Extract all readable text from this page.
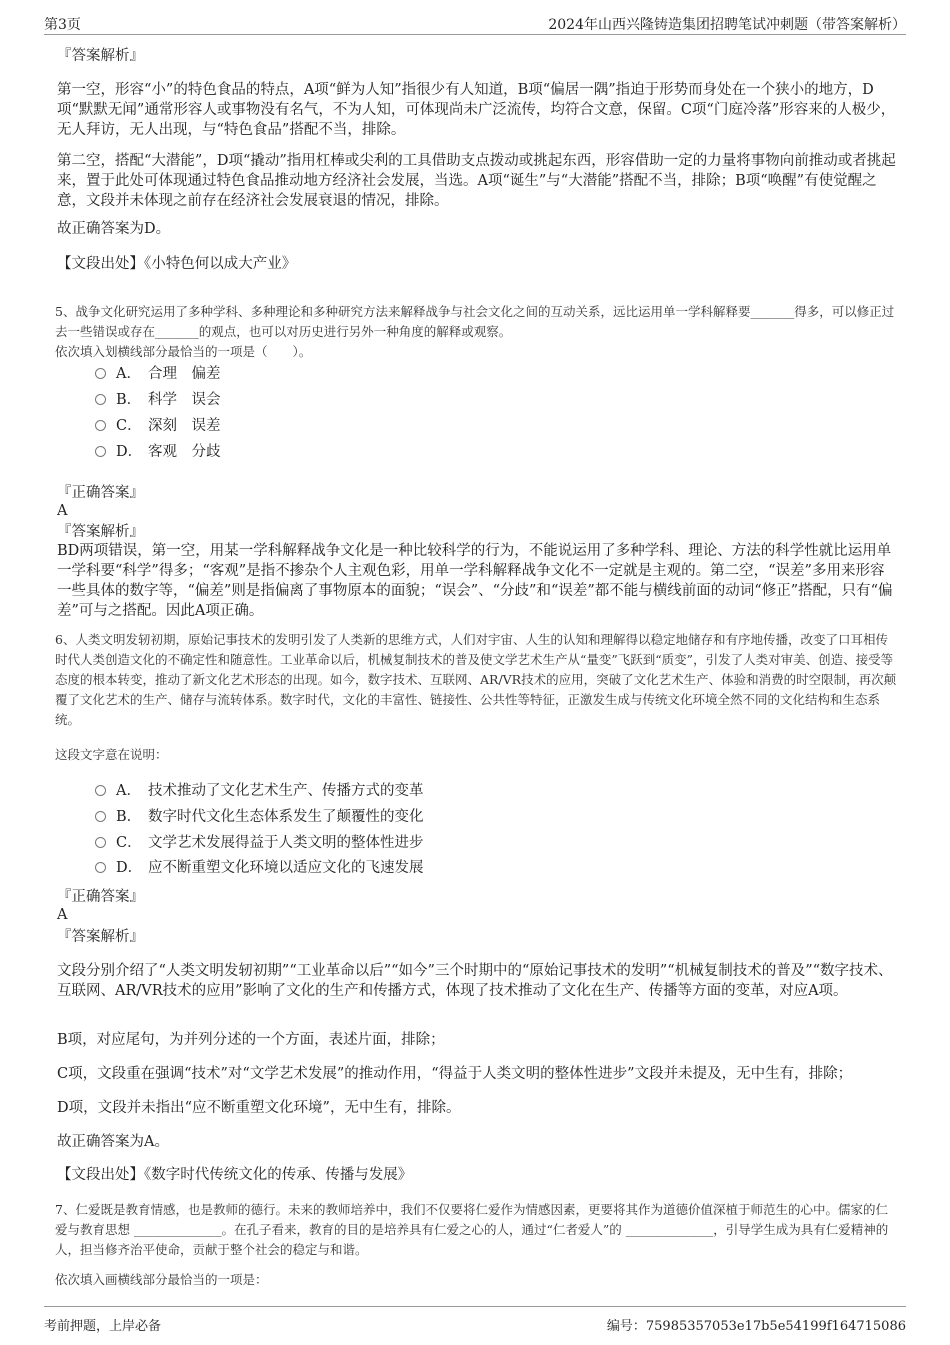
第3页	2024年山西兴隆铸造集团招聘笔试冲刺题（带答案解析）
『答案解析』
第一空，形容“小”的特色食品的特点，A项“鲜为人知”指很少有人知道，B项“偏居一隅”指迫于形势而身处在一个狭小的地方，D项“默默无闻”通常形容人或事物没有名气，不为人知，可体现尚未广泛流传，均符合文意，保留。C项“门庭冷落”形容来的人极少，无人拜访，无人出现，与“特色食品”搭配不当，排除。
第二空，搭配“大潜能”，D项“撬动”指用杠棒或尖利的工具借助支点拨动或挑起东西，形容借助一定的力量将事物向前推动或者挑起来，置于此处可体现通过特色食品推动地方经济社会发展，当选。A项“诞生”与“大潜能”搭配不当，排除；B项“唤醒”有使觉醒之意，文段并未体现之前存在经济社会发展衰退的情况，排除。
故正确答案为D。
【文段出处】《小特色何以成大产业》
5、战争文化研究运用了多种学科、多种理论和多种研究方法来解释战争与社会文化之间的互动关系，远比运用单一学科解释要_______得多，可以修正过去一些错误或存在_______的观点，也可以对历史进行另外一种角度的解释或观察。
依次填入划横线部分最恰当的一项是（　　）。
A． 合理　偏差
B． 科学　误会
C． 深刻　误差
D． 客观　分歧
『正确答案』
A
『答案解析』
BD两项错误，第一空，用某一学科解释战争文化是一种比较科学的行为，不能说运用了多种学科、理论、方法的科学性就比运用单一学科要“科学”得多；“客观”是指不掺杂个人主观色彩，用单一学科解释战争文化不一定就是主观的。第二空，“误差”多用来形容一些具体的数字等，“偏差”则是指偏离了事物原本的面貌；“误会”、“分歧”和“误差”都不能与横线前面的动词“修正”搭配，只有“偏差”可与之搭配。因此A项正确。
6、人类文明发轫初期，原始记事技术的发明引发了人类新的思维方式，人们对宇宙、人生的认知和理解得以稳定地储存和有序地传播，改变了口耳相传时代人类创造文化的不确定性和随意性。工业革命以后，机械复制技术的普及使文学艺术生产从“量变”飞跃到“质变”，引发了人类对审美、创造、接受等态度的根本转变，推动了新文化艺术形态的出现。如今，数字技术、互联网、AR/VR技术的应用，突破了文化艺术生产、体验和消费的时空限制，再次颠覆了文化艺术的生产、储存与流转体系。数字时代，文化的丰富性、链接性、公共性等特征，正激发生成与传统文化环境全然不同的文化结构和生态系统。
这段文字意在说明：
A． 技术推动了文化艺术生产、传播方式的变革
B． 数字时代文化生态体系发生了颠覆性的变化
C． 文学艺术发展得益于人类文明的整体性进步
D． 应不断重塑文化环境以适应文化的飞速发展
『正确答案』
A
『答案解析』
文段分别介绍了“人类文明发轫初期”“工业革命以后”“如今”三个时期中的“原始记事技术的发明”“机械复制技术的普及”“数字技术、互联网、AR/VR技术的应用”影响了文化的生产和传播方式，体现了技术推动了文化在生产、传播等方面的变革，对应A项。
B项，对应尾句，为并列分述的一个方面，表述片面，排除；
C项，文段重在强调“技术”对“文学艺术发展”的推动作用，“得益于人类文明的整体性进步”文段并未提及，无中生有，排除；
D项，文段并未指出“应不断重塑文化环境”，无中生有，排除。
故正确答案为A。
【文段出处】《数字时代传统文化的传承、传播与发展》
7、仁爱既是教育情感，也是教师的德行。未来的教师培养中，我们不仅要将仁爱作为情感因素，更要将其作为道德价值深植于师范生的心中。儒家的仁爱与教育思想 ______________。在孔子看来，教育的目的是培养具有仁爱之心的人，通过“仁者爱人”的 ______________，引导学生成为具有仁爱精神的人，担当修齐治平使命，贡献于整个社会的稳定与和谐。
依次填入画横线部分最恰当的一项是：
考前押题，上岸必备	编号：75985357053e17b5e54199f164715086
